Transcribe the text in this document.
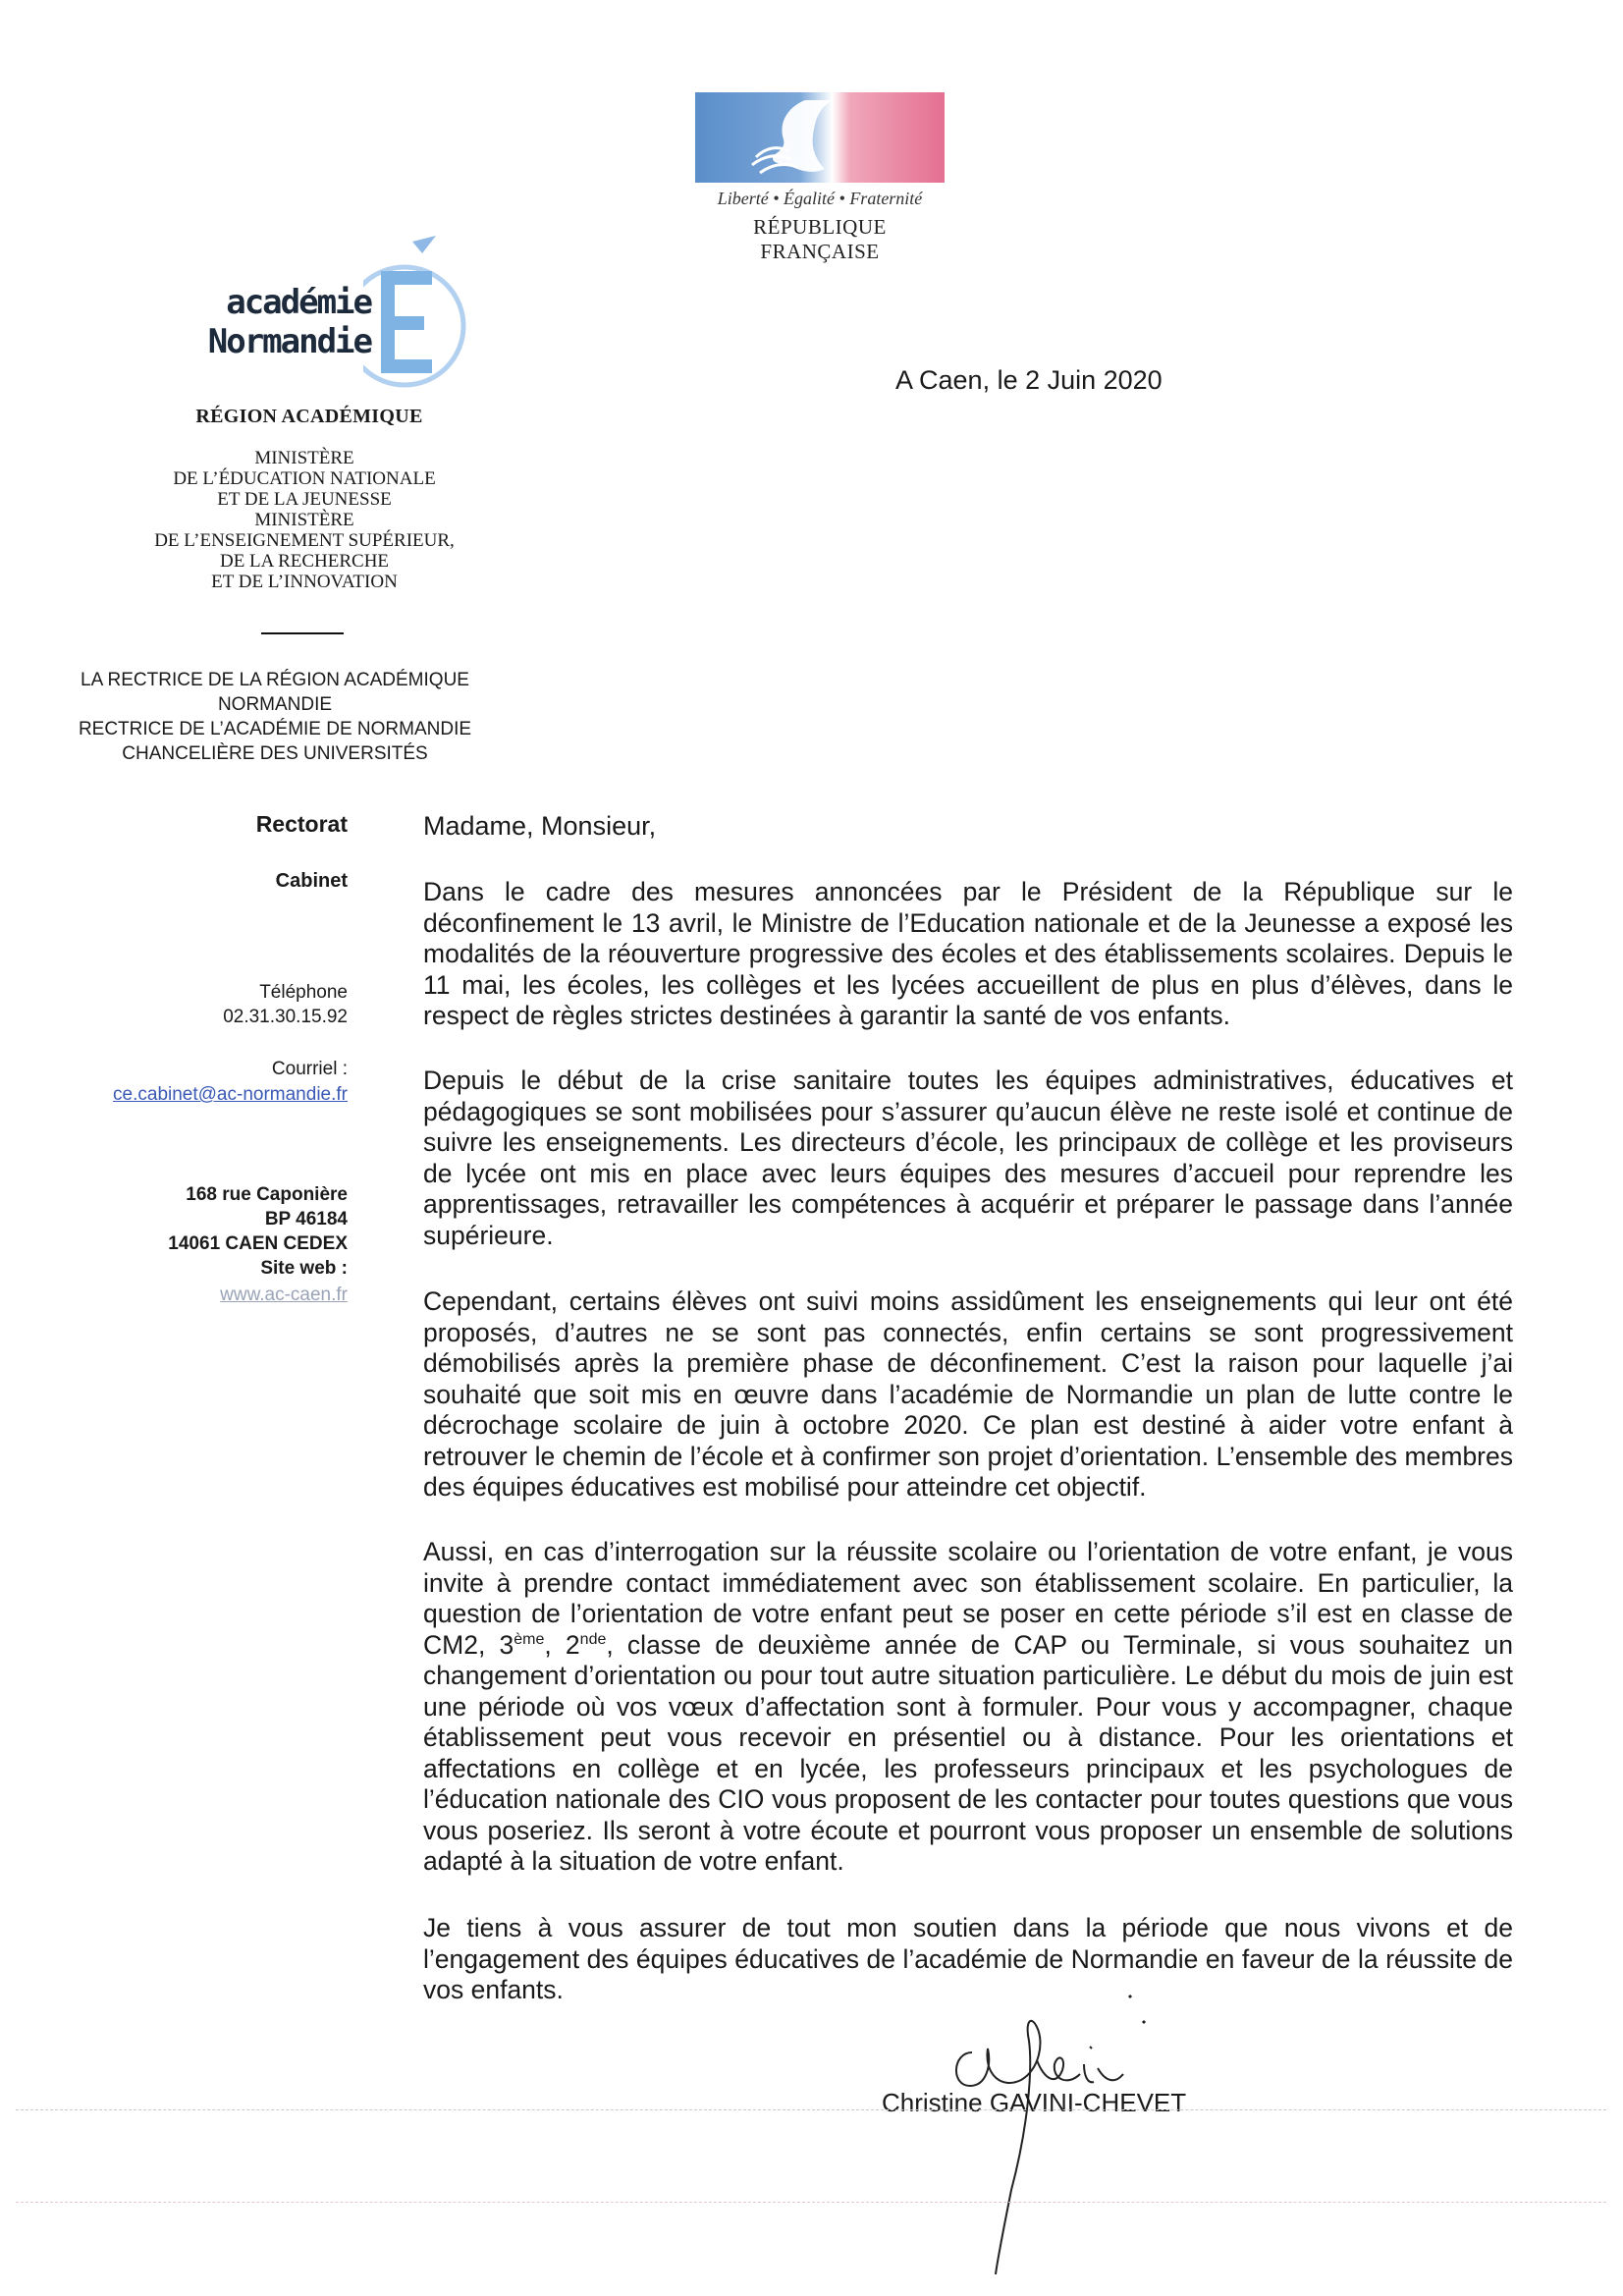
Liberté • Égalité • Fraternité
RÉPUBLIQUE FRANÇAISE
académie
Normandie
RÉGION ACADÉMIQUE
MINISTÈRE
DE L’ÉDUCATION NATIONALE
ET DE LA JEUNESSE
MINISTÈRE
DE L’ENSEIGNEMENT SUPÉRIEUR,
DE LA RECHERCHE
ET DE L’INNOVATION
LA RECTRICE DE LA RÉGION ACADÉMIQUE
NORMANDIE
RECTRICE DE L’ACADÉMIE DE NORMANDIE
CHANCELIÈRE DES UNIVERSITÉS
Rectorat
Cabinet
Téléphone
02.31.30.15.92
Courriel :
ce.cabinet@ac-normandie.fr
168 rue Caponière
BP 46184
14061 CAEN CEDEX
Site web :
www.ac-caen.fr
A Caen, le 2 Juin 2020
Madame, Monsieur,
Dans le cadre des mesures annoncées par le Président de la République sur le déconfinement le 13 avril, le Ministre de l’Education nationale et de la Jeunesse a exposé les modalités de la réouverture progressive des écoles et des établissements scolaires. Depuis le 11 mai, les écoles, les collèges et les lycées accueillent de plus en plus d’élèves, dans le respect de règles strictes destinées à garantir la santé de vos enfants.
Depuis le début de la crise sanitaire toutes les équipes administratives, éducatives et pédagogiques se sont mobilisées pour s’assurer qu’aucun élève ne reste isolé et continue de suivre les enseignements. Les directeurs d’école, les principaux de collège et les proviseurs de lycée ont mis en place avec leurs équipes des mesures d’accueil pour reprendre les apprentissages, retravailler les compétences à acquérir et préparer le passage dans l’année supérieure.
Cependant, certains élèves ont suivi moins assidûment les enseignements qui leur ont été proposés, d’autres ne se sont pas connectés, enfin certains se sont progressivement démobilisés après la première phase de déconfinement. C’est la raison pour laquelle j’ai souhaité que soit mis en œuvre dans l’académie de Normandie un plan de lutte contre le décrochage scolaire de juin à octobre 2020. Ce plan est destiné à aider votre enfant à retrouver le chemin de l’école et à confirmer son projet d’orientation. L’ensemble des membres des équipes éducatives est mobilisé pour atteindre cet objectif.
Aussi, en cas d’interrogation sur la réussite scolaire ou l’orientation de votre enfant, je vous invite à prendre contact immédiatement avec son établissement scolaire. En particulier, la question de l’orientation de votre enfant peut se poser en cette période s’il est en classe de CM2, 3ème, 2nde, classe de deuxième année de CAP ou Terminale, si vous souhaitez un changement d’orientation ou pour tout autre situation particulière. Le début du mois de juin est une période où vos vœux d’affectation sont à formuler. Pour vous y accompagner, chaque établissement peut vous recevoir en présentiel ou à distance. Pour les orientations et affectations en collège et en lycée, les professeurs principaux et les psychologues de l’éducation nationale des CIO vous proposent de les contacter pour toutes questions que vous vous poseriez. Ils seront à votre écoute et pourront vous proposer un ensemble de solutions adapté à la situation de votre enfant.
Je tiens à vous assurer de tout mon soutien dans la période que nous vivons et de l’engagement des équipes éducatives de l’académie de Normandie en faveur de la réussite de vos enfants.
Christine GAVINI-CHEVET
